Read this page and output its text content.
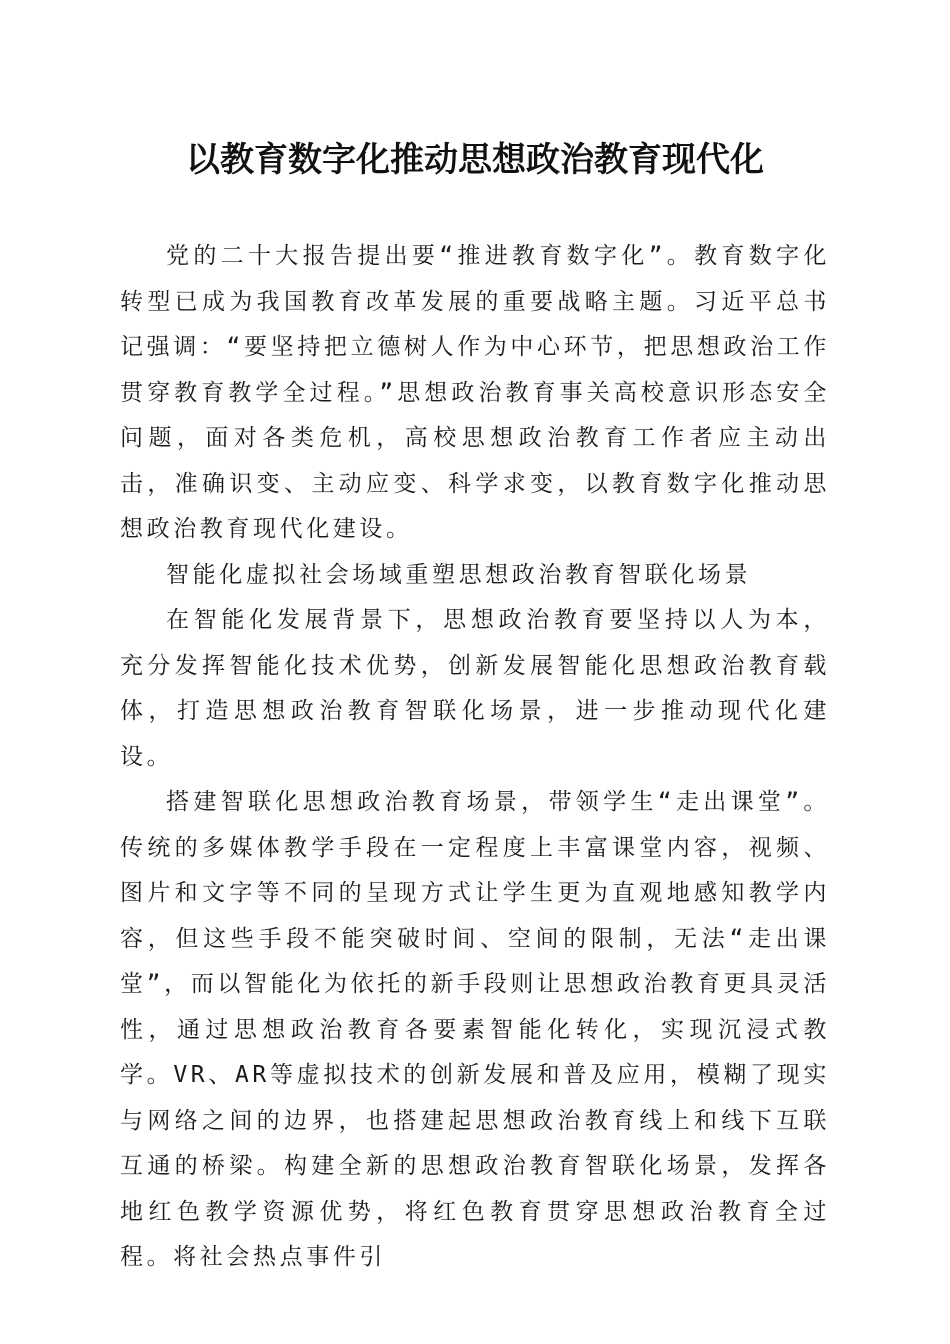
以教育数字化推动思想政治教育现代化

党的二十大报告提出要“推进教育数字化”。教育数字化转型已成为我国教育改革发展的重要战略主题。习近平总书记强调：“要坚持把立德树人作为中心环节，把思想政治工作贯穿教育教学全过程。”思想政治教育事关高校意识形态安全问题，面对各类危机，高校思想政治教育工作者应主动出击，准确识变、主动应变、科学求变，以教育数字化推动思想政治教育现代化建设。

智能化虚拟社会场域重塑思想政治教育智联化场景

在智能化发展背景下，思想政治教育要坚持以人为本，充分发挥智能化技术优势，创新发展智能化思想政治教育载体，打造思想政治教育智联化场景，进一步推动现代化建设。

搭建智联化思想政治教育场景，带领学生“走出课堂”。传统的多媒体教学手段在一定程度上丰富课堂内容，视频、图片和文字等不同的呈现方式让学生更为直观地感知教学内容，但这些手段不能突破时间、空间的限制，无法“走出课堂”，而以智能化为依托的新手段则让思想政治教育更具灵活性，通过思想政治教育各要素智能化转化，实现沉浸式教学。VR、AR等虚拟技术的创新发展和普及应用，模糊了现实与网络之间的边界，也搭建起思想政治教育线上和线下互联互通的桥梁。构建全新的思想政治教育智联化场景，发挥各地红色教学资源优势，将红色教育贯穿思想政治教育全过程。将社会热点事件引
